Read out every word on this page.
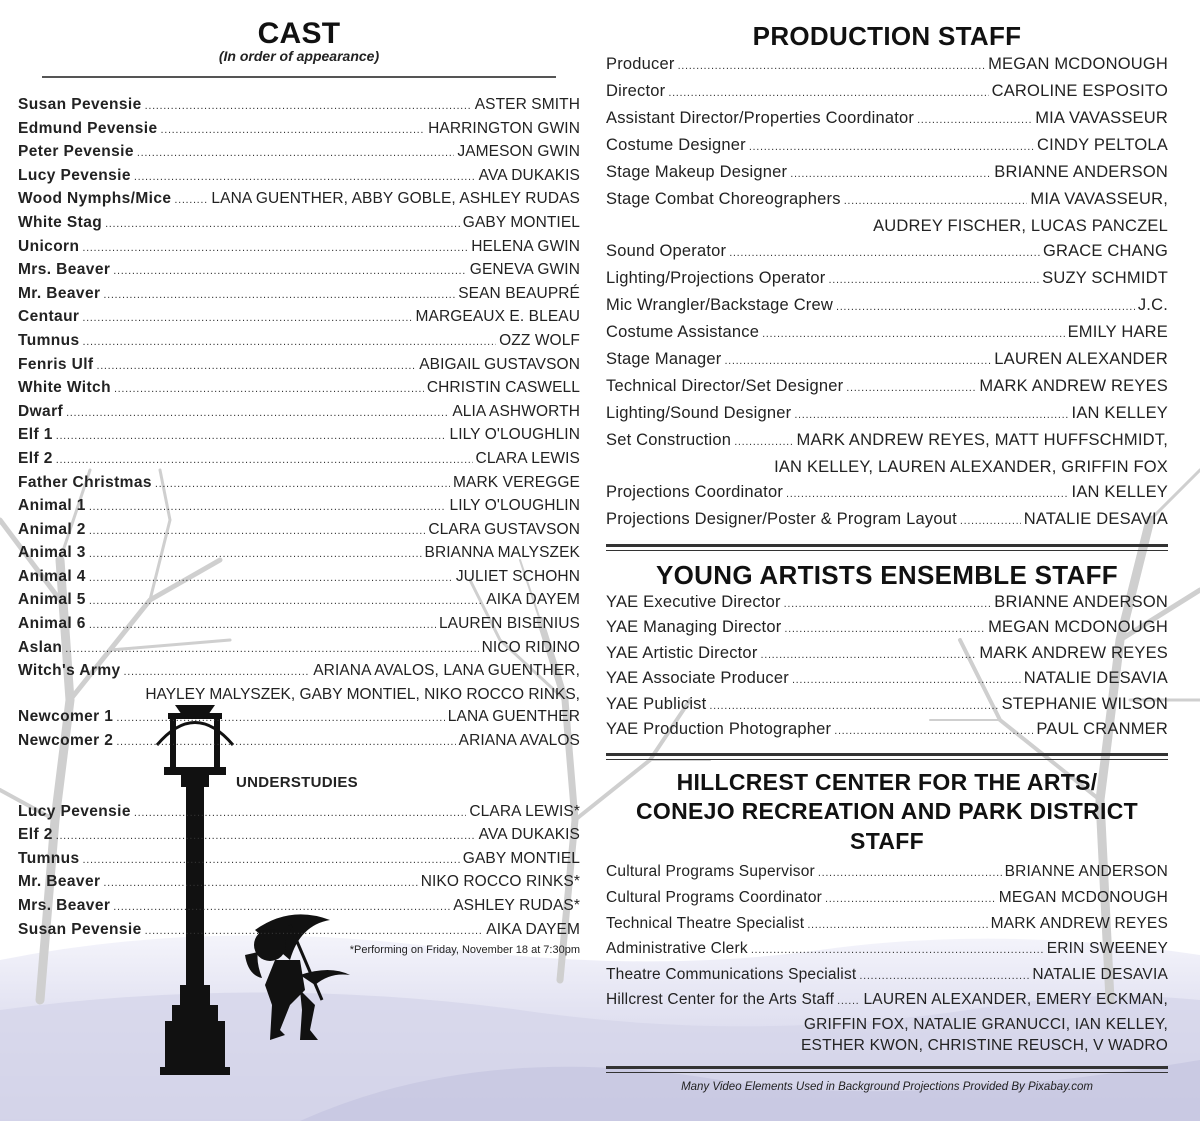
CAST
(In order of appearance)
Susan Pevensie . . .	ASTER SMITH
Edmund Pevensie . . .	HARRINGTON GWIN
Peter Pevensie . . .	JAMESON GWIN
Lucy Pevensie . . .	AVA DUKAKIS
Wood Nymphs/Mice . . .	LANA GUENTHER, ABBY GOBLE, ASHLEY RUDAS
White Stag . . .	GABY MONTIEL
Unicorn . . .	HELENA GWIN
Mrs. Beaver . . .	GENEVA GWIN
Mr. Beaver . . .	SEAN BEAUPRÉ
Centaur . . .	MARGEAUX E. BLEAU
Tumnus . . .	OZZ WOLF
Fenris Ulf . . .	ABIGAIL GUSTAVSON
White Witch . . .	CHRISTIN CASWELL
Dwarf . . .	ALIA ASHWORTH
Elf 1 . . .	LILY O'LOUGHLIN
Elf 2 . . .	CLARA LEWIS
Father Christmas . . .	MARK VEREGGE
Animal 1 . . .	LILY O'LOUGHLIN
Animal 2 . . .	CLARA GUSTAVSON
Animal 3 . . .	BRIANNA MALYSZEK
Animal 4 . . .	JULIET SCHOHN
Animal 5 . . .	AIKA DAYEM
Animal 6 . . .	LAUREN BISENIUS
Aslan . . .	NICO RIDINO
Witch's Army . . .	ARIANA AVALOS, LANA GUENTHER,
HAYLEY MALYSZEK, GABY MONTIEL, NIKO ROCCO RINKS,
Newcomer 1 . . .	LANA GUENTHER
Newcomer 2 . . .	ARIANA AVALOS
UNDERSTUDIES
Lucy Pevensie . . .	CLARA LEWIS*
Elf 2 . . .	AVA DUKAKIS
Tumnus . . .	GABY MONTIEL
Mr. Beaver . . .	NIKO ROCCO RINKS*
Mrs. Beaver . . .	ASHLEY RUDAS*
Susan Pevensie . . .	AIKA DAYEM
*Performing on Friday, November 18 at 7:30pm
PRODUCTION STAFF
Producer . . .	MEGAN MCDONOUGH
Director . . .	CAROLINE ESPOSITO
Assistant Director/Properties Coordinator . . .	MIA VAVASSEUR
Costume Designer . . .	CINDY PELTOLA
Stage Makeup Designer . . .	BRIANNE ANDERSON
Stage Combat Choreographers . . .	MIA VAVASSEUR,
AUDREY FISCHER, LUCAS PANCZEL
Sound Operator . . .	GRACE CHANG
Lighting/Projections Operator . . .	SUZY SCHMIDT
Mic Wrangler/Backstage Crew . . .	J.C.
Costume Assistance . . .	EMILY HARE
Stage Manager . . .	LAUREN ALEXANDER
Technical Director/Set Designer . . .	MARK ANDREW REYES
Lighting/Sound Designer . . .	IAN KELLEY
Set Construction . . .	MARK ANDREW REYES, MATT HUFFSCHMIDT,
IAN KELLEY, LAUREN ALEXANDER, GRIFFIN FOX
Projections Coordinator . . .	IAN KELLEY
Projections Designer/Poster & Program Layout . . .	NATALIE DESAVIA
YOUNG ARTISTS ENSEMBLE STAFF
YAE Executive Director . . .	BRIANNE ANDERSON
YAE Managing Director . . .	MEGAN MCDONOUGH
YAE Artistic Director . . .	MARK ANDREW REYES
YAE Associate Producer . . .	NATALIE DESAVIA
YAE Publicist . . .	STEPHANIE WILSON
YAE Production Photographer . . .	PAUL CRANMER
HILLCREST CENTER FOR THE ARTS/
CONEJO RECREATION AND PARK DISTRICT STAFF
Cultural Programs Supervisor . . .	BRIANNE ANDERSON
Cultural Programs Coordinator . . .	MEGAN MCDONOUGH
Technical Theatre Specialist . . .	MARK ANDREW REYES
Administrative Clerk . . .	ERIN SWEENEY
Theatre Communications Specialist . . .	NATALIE DESAVIA
Hillcrest Center for the Arts Staff . . . LAUREN ALEXANDER, EMERY ECKMAN,
GRIFFIN FOX, NATALIE GRANUCCI, IAN KELLEY,
ESTHER KWON, CHRISTINE REUSCH, V WADRO
Many Video Elements Used in Background Projections Provided By Pixabay.com
